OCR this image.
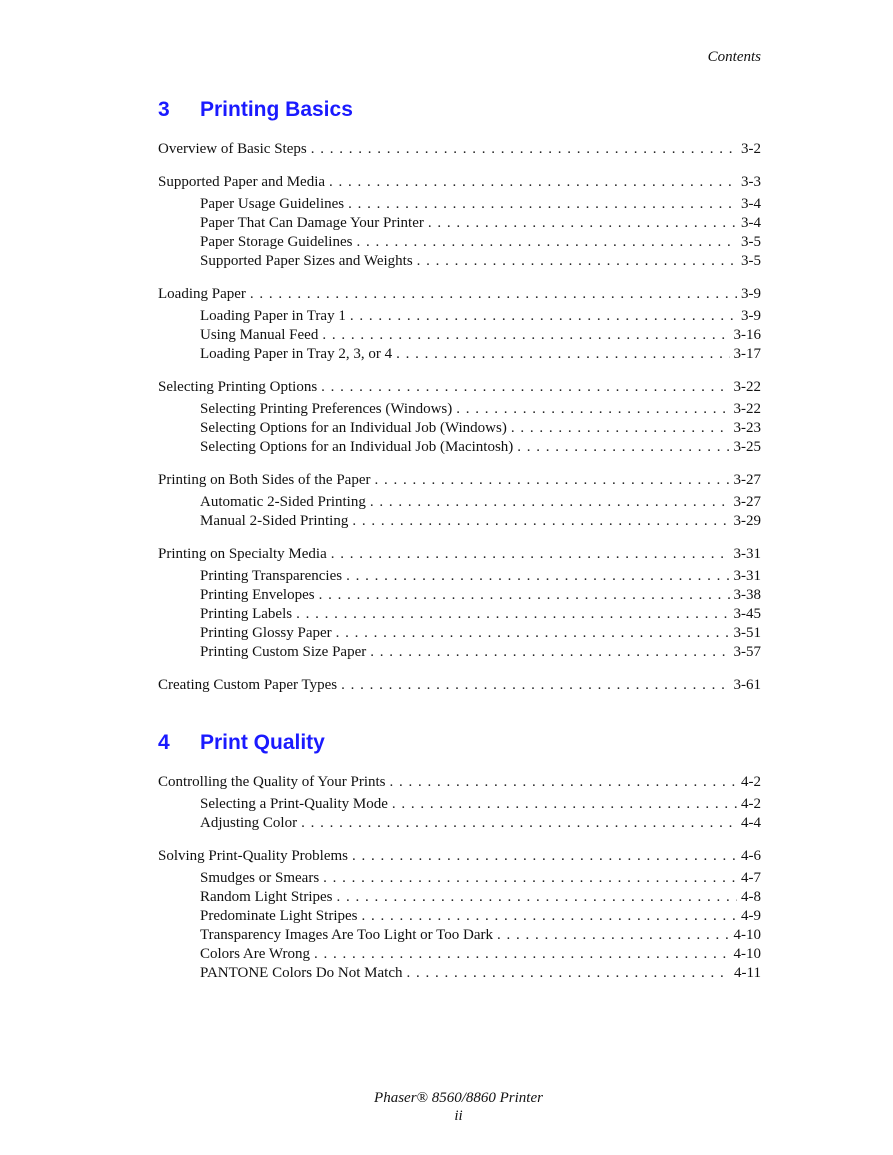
Contents
3	Printing Basics
Overview of Basic Steps . . .	3-2
Supported Paper and Media . . .	3-3
Paper Usage Guidelines . . .	3-4
Paper That Can Damage Your Printer . . .	3-4
Paper Storage Guidelines . . .	3-5
Supported Paper Sizes and Weights . . .	3-5
Loading Paper . . .	3-9
Loading Paper in Tray 1 . . .	3-9
Using Manual Feed . . .	3-16
Loading Paper in Tray 2, 3, or 4 . . .	3-17
Selecting Printing Options . . .	3-22
Selecting Printing Preferences (Windows) . . .	3-22
Selecting Options for an Individual Job (Windows) . . .	3-23
Selecting Options for an Individual Job (Macintosh) . . .	3-25
Printing on Both Sides of the Paper . . .	3-27
Automatic 2-Sided Printing . . .	3-27
Manual 2-Sided Printing . . .	3-29
Printing on Specialty Media . . .	3-31
Printing Transparencies . . .	3-31
Printing Envelopes . . .	3-38
Printing Labels . . .	3-45
Printing Glossy Paper . . .	3-51
Printing Custom Size Paper . . .	3-57
Creating Custom Paper Types . . .	3-61
4	Print Quality
Controlling the Quality of Your Prints . . .	4-2
Selecting a Print-Quality Mode . . .	4-2
Adjusting Color . . .	4-4
Solving Print-Quality Problems . . .	4-6
Smudges or Smears . . .	4-7
Random Light Stripes . . .	4-8
Predominate Light Stripes . . .	4-9
Transparency Images Are Too Light or Too Dark . . .	4-10
Colors Are Wrong . . .	4-10
PANTONE Colors Do Not Match . . .	4-11
Phaser® 8560/8860 Printer
ii
